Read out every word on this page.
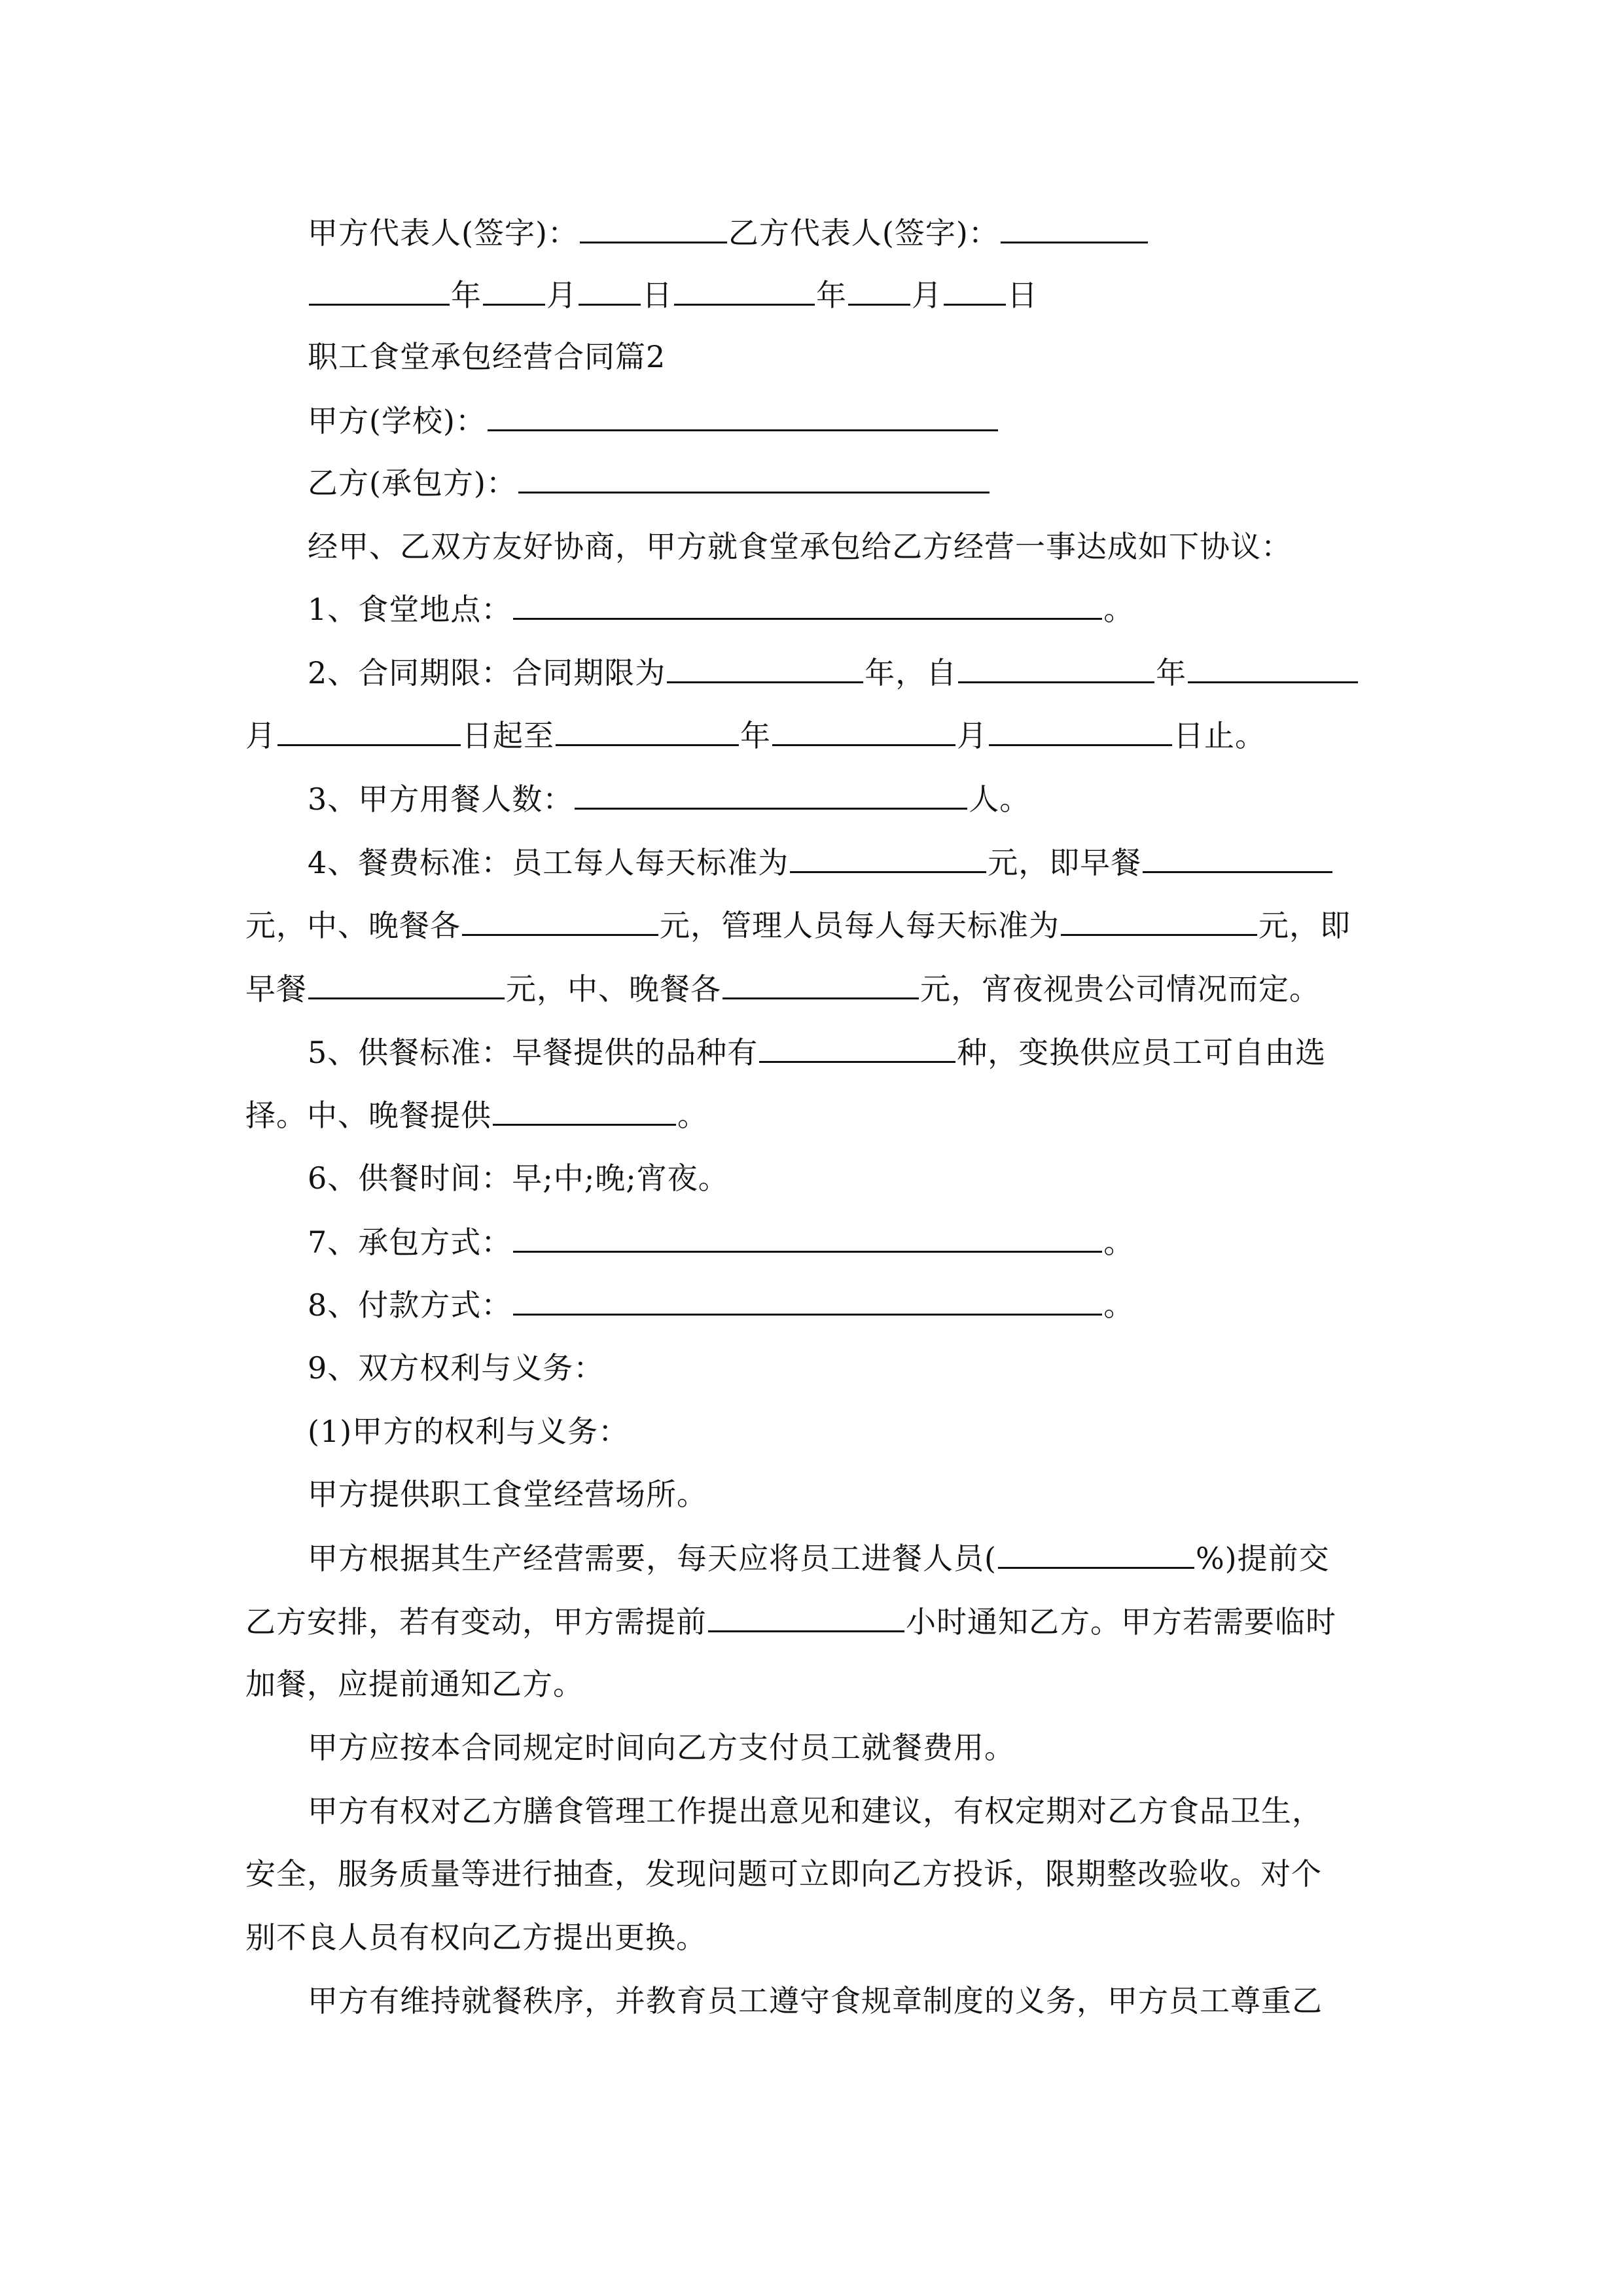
甲方代表人(签字)：	乙方代表人(签字)：
年 月 日	年 月 日
职工食堂承包经营合同篇2
甲方(学校)：
乙方(承包方)：
经甲、乙双方友好协商，甲方就食堂承包给乙方经营一事达成如下协议：
1、食堂地点：	。
2、合同期限：合同期限为	年，自	年
月	日起至	年	月	日止。
3、甲方用餐人数：	人。
4、餐费标准：员工每人每天标准为	元，即早餐
元，中、晚餐各	元，管理人员每人每天标准为	元，即
早餐	元，中、晚餐各	元，宵夜视贵公司情况而定。
5、供餐标准：早餐提供的品种有	种，变换供应员工可自由选
择。中、晚餐提供	。
6、供餐时间：早;中;晚;宵夜。
7、承包方式：	。
8、付款方式：	。
9、双方权利与义务：
(1)甲方的权利与义务：
甲方提供职工食堂经营场所。
甲方根据其生产经营需要，每天应将员工进餐人员(	%)提前交
乙方安排，若有变动，甲方需提前	小时通知乙方。甲方若需要临时
加餐，应提前通知乙方。
甲方应按本合同规定时间向乙方支付员工就餐费用。
甲方有权对乙方膳食管理工作提出意见和建议，有权定期对乙方食品卫生，
安全，服务质量等进行抽查，发现问题可立即向乙方投诉，限期整改验收。对个
别不良人员有权向乙方提出更换。
甲方有维持就餐秩序，并教育员工遵守食规章制度的义务，甲方员工尊重乙
